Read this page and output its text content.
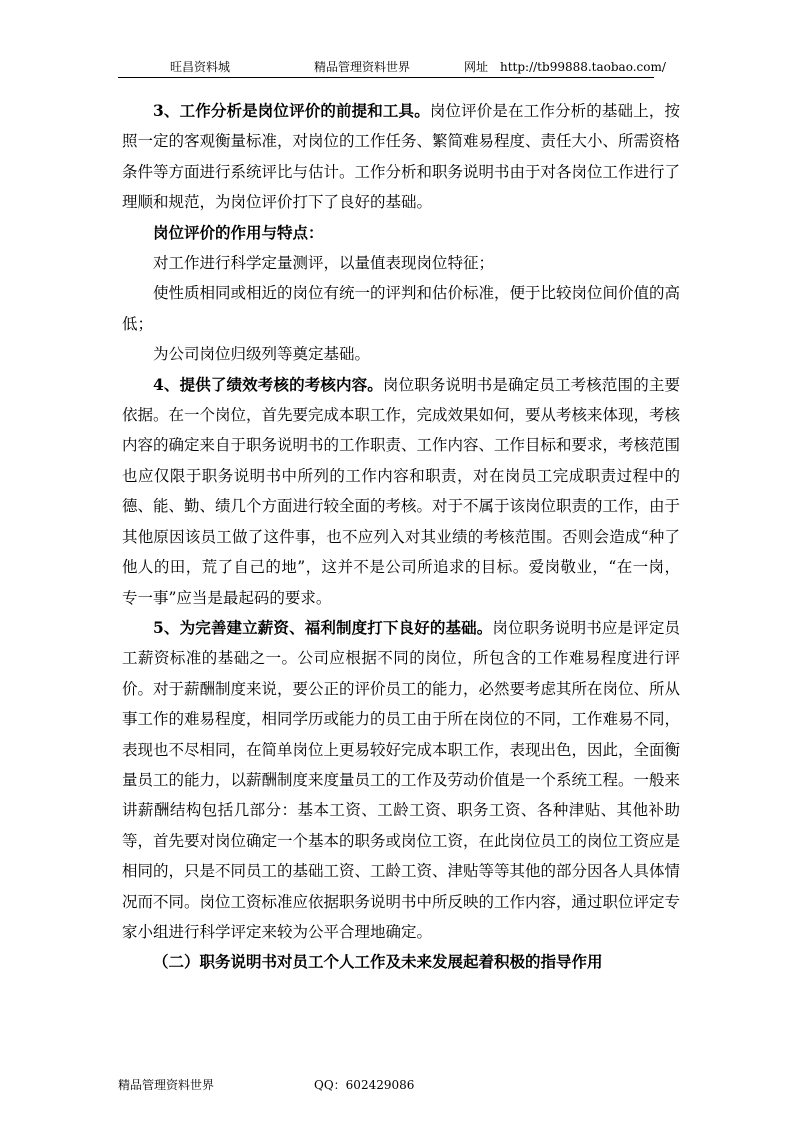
旺昌资料城	精品管理资料世界	网址　http://tb99888.taobao.com/

3、工作分析是岗位评价的前提和工具。岗位评价是在工作分析的基础上，按照一定的客观衡量标准，对岗位的工作任务、繁简难易程度、责任大小、所需资格条件等方面进行系统评比与估计。工作分析和职务说明书由于对各岗位工作进行了理顺和规范，为岗位评价打下了良好的基础。

岗位评价的作用与特点：

对工作进行科学定量测评，以量值表现岗位特征；

使性质相同或相近的岗位有统一的评判和估价标准，便于比较岗位间价值的高低；

为公司岗位归级列等奠定基础。

4、提供了绩效考核的考核内容。岗位职务说明书是确定员工考核范围的主要依据。在一个岗位，首先要完成本职工作，完成效果如何，要从考核来体现，考核内容的确定来自于职务说明书的工作职责、工作内容、工作目标和要求，考核范围也应仅限于职务说明书中所列的工作内容和职责，对在岗员工完成职责过程中的德、能、勤、绩几个方面进行较全面的考核。对于不属于该岗位职责的工作，由于其他原因该员工做了这件事，也不应列入对其业绩的考核范围。否则会造成“种了他人的田，荒了自己的地”，这并不是公司所追求的目标。爱岗敬业，“在一岗，专一事”应当是最起码的要求。

5、为完善建立薪资、福利制度打下良好的基础。岗位职务说明书应是评定员工薪资标准的基础之一。公司应根据不同的岗位，所包含的工作难易程度进行评价。对于薪酬制度来说，要公正的评价员工的能力，必然要考虑其所在岗位、所从事工作的难易程度，相同学历或能力的员工由于所在岗位的不同，工作难易不同，表现也不尽相同，在简单岗位上更易较好完成本职工作，表现出色，因此，全面衡量员工的能力，以薪酬制度来度量员工的工作及劳动价值是一个系统工程。一般来讲薪酬结构包括几部分：基本工资、工龄工资、职务工资、各种津贴、其他补助等，首先要对岗位确定一个基本的职务或岗位工资，在此岗位员工的岗位工资应是相同的，只是不同员工的基础工资、工龄工资、津贴等等其他的部分因各人具体情况而不同。岗位工资标准应依据职务说明书中所反映的工作内容，通过职位评定专家小组进行科学评定来较为公平合理地确定。

（二）职务说明书对员工个人工作及未来发展起着积极的指导作用

精品管理资料世界	QQ：602429086
